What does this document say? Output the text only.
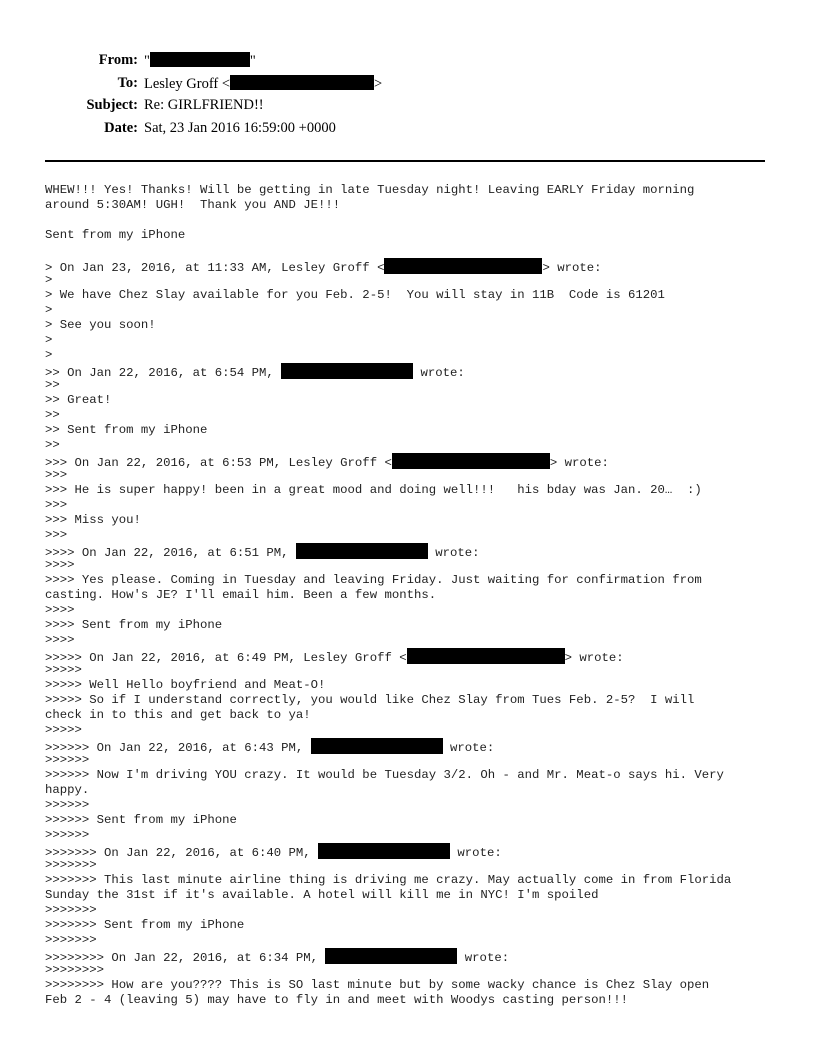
From: "	"
To: Lesley Groff <	>
Subject: Re: GIRLFRIEND!!
Date: Sat, 23 Jan 2016 16:59:00 +0000
WHEW!!! Yes! Thanks! Will be getting in late Tuesday night! Leaving EARLY Friday morning
around 5:30AM! UGH!  Thank you AND JE!!!
Sent from my iPhone
> On Jan 23, 2016, at 11:33 AM, Lesley Groff <	> wrote:
>
> We have Chez Slay available for you Feb. 2-5!  You will stay in 11B  Code is 61201
>
> See you soon!
>
>
>> On Jan 22, 2016, at 6:54 PM,	wrote:
>>
>> Great!
>>
>> Sent from my iPhone
>>
>>> On Jan 22, 2016, at 6:53 PM, Lesley Groff <	> wrote:
>>>
>>> He is super happy! been in a great mood and doing well!!!   his bday was Jan. 20…  :)
>>>
>>> Miss you!
>>>
>>>> On Jan 22, 2016, at 6:51 PM,	wrote:
>>>>
>>>> Yes please. Coming in Tuesday and leaving Friday. Just waiting for confirmation from
casting. How's JE? I'll email him. Been a few months.
>>>>
>>>> Sent from my iPhone
>>>>
>>>>> On Jan 22, 2016, at 6:49 PM, Lesley Groff <	> wrote:
>>>>>
>>>>> Well Hello boyfriend and Meat-O!
>>>>> So if I understand correctly, you would like Chez Slay from Tues Feb. 2-5?  I will
check in to this and get back to ya!
>>>>>
>>>>>> On Jan 22, 2016, at 6:43 PM,	wrote:
>>>>>>
>>>>>> Now I'm driving YOU crazy. It would be Tuesday 3/2. Oh - and Mr. Meat-o says hi. Very
happy.
>>>>>>
>>>>>> Sent from my iPhone
>>>>>>
>>>>>>> On Jan 22, 2016, at 6:40 PM,	wrote:
>>>>>>>
>>>>>>> This last minute airline thing is driving me crazy. May actually come in from Florida
Sunday the 31st if it's available. A hotel will kill me in NYC! I'm spoiled
>>>>>>>
>>>>>>> Sent from my iPhone
>>>>>>>
>>>>>>>> On Jan 22, 2016, at 6:34 PM,	wrote:
>>>>>>>>
>>>>>>>> How are you???? This is SO last minute but by some wacky chance is Chez Slay open
Feb 2 - 4 (leaving 5) may have to fly in and meet with Woodys casting person!!!
